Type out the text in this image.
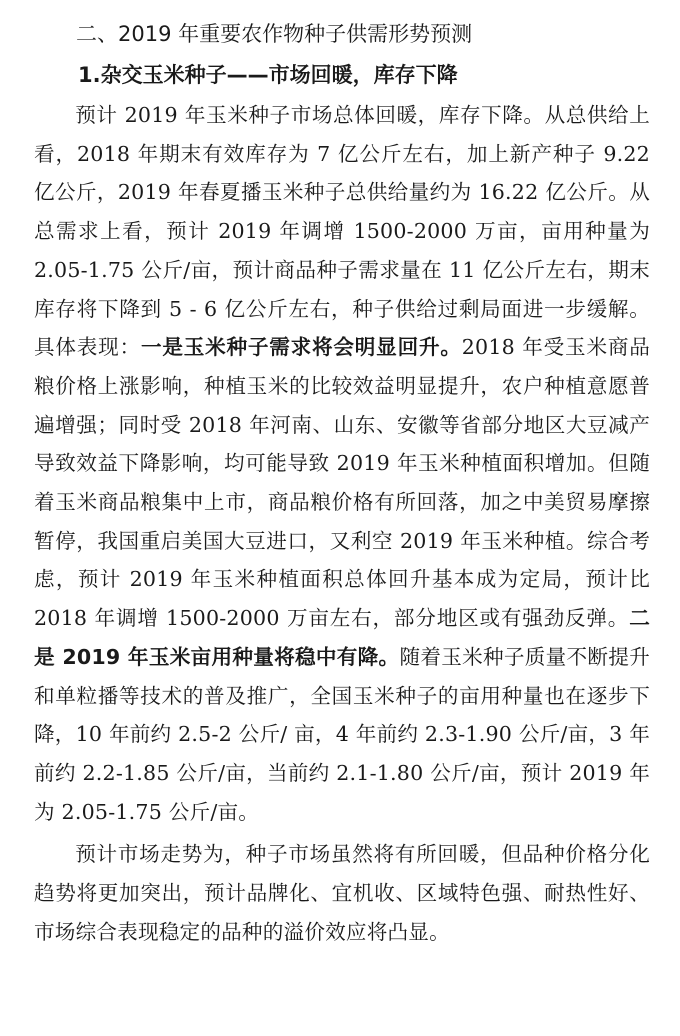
二、2019 年重要农作物种子供需形势预测
1.杂交玉米种子——市场回暖，库存下降

预计 2019 年玉米种子市场总体回暖，库存下降。从总供给上看，2018 年期末有效库存为 7 亿公斤左右，加上新产种子 9.22 亿公斤，2019 年春夏播玉米种子总供给量约为 16.22 亿公斤。从总需求上看，预计 2019 年调增 1500-2000 万亩，亩用种量为 2.05-1.75 公斤/亩，预计商品种子需求量在 11 亿公斤左右，期末库存将下降到 5 - 6 亿公斤左右，种子供给过剩局面进一步缓解。具体表现：一是玉米种子需求将会明显回升。2018 年受玉米商品粮价格上涨影响，种植玉米的比较效益明显提升，农户种植意愿普遍增强；同时受 2018 年河南、山东、安徽等省部分地区大豆减产导致效益下降影响，均可能导致 2019 年玉米种植面积增加。但随着玉米商品粮集中上市，商品粮价格有所回落，加之中美贸易摩擦暂停，我国重启美国大豆进口，又利空 2019 年玉米种植。综合考虑，预计 2019 年玉米种植面积总体回升基本成为定局，预计比 2018 年调增 1500-2000 万亩左右，部分地区或有强劲反弹。二是 2019 年玉米亩用种量将稳中有降。随着玉米种子质量不断提升和单粒播等技术的普及推广，全国玉米种子的亩用种量也在逐步下降，10 年前约 2.5-2 公斤/ 亩，4 年前约 2.3-1.90 公斤/亩，3 年前约 2.2-1.85 公斤/亩，当前约 2.1-1.80 公斤/亩，预计 2019 年为 2.05-1.75 公斤/亩。

预计市场走势为，种子市场虽然将有所回暖，但品种价格分化趋势将更加突出，预计品牌化、宜机收、区域特色强、耐热性好、市场综合表现稳定的品种的溢价效应将凸显。
